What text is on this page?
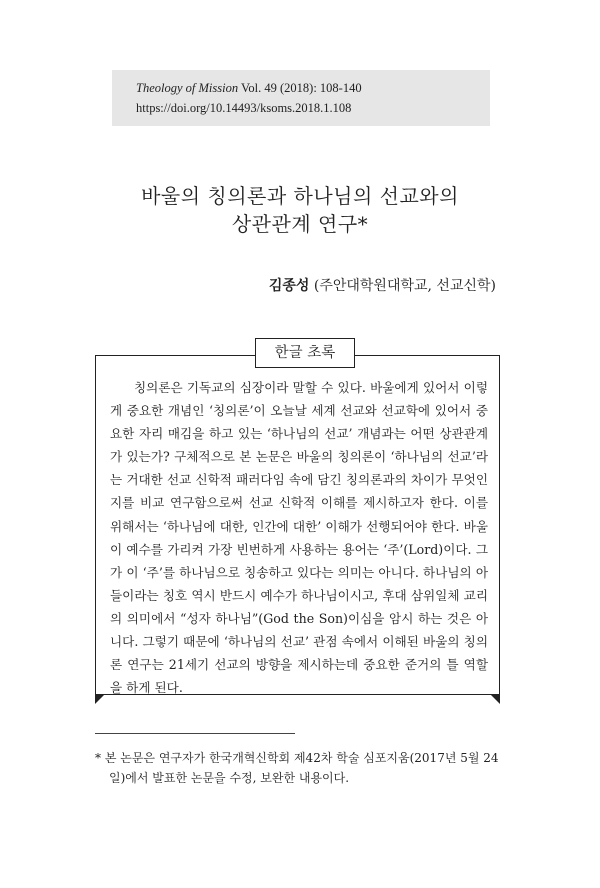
Theology of Mission Vol. 49 (2018): 108-140
https://doi.org/10.14493/ksoms.2018.1.108
바울의 칭의론과 하나님의 선교와의
상관관계 연구*
김종성 (주안대학원대학교, 선교신학)
한글 초록
칭의론은 기독교의 심장이라 말할 수 있다. 바울에게 있어서 이렇게 중요한 개념인 ‘칭의론’이 오늘날 세계 선교와 선교학에 있어서 중요한 자리 매김을 하고 있는 ‘하나님의 선교’ 개념과는 어떤 상관관계가 있는가? 구체적으로 본 논문은 바울의 칭의론이 ‘하나님의 선교’라는 거대한 선교 신학적 패러다임 속에 담긴 칭의론과의 차이가 무엇인지를 비교 연구함으로써 선교 신학적 이해를 제시하고자 한다. 이를 위해서는 ‘하나님에 대한, 인간에 대한’ 이해가 선행되어야 한다. 바울이 예수를 가리켜 가장 빈번하게 사용하는 용어는 ‘주’(Lord)이다. 그가 이 ‘주’를 하나님으로 칭송하고 있다는 의미는 아니다. 하나님의 아들이라는 칭호 역시 반드시 예수가 하나님이시고, 후대 삼위일체 교리의 의미에서 “성자 하나님”(God the Son)이심을 암시 하는 것은 아니다. 그렇기 때문에 ‘하나님의 선교’ 관점 속에서 이해된 바울의 칭의론 연구는 21세기 선교의 방향을 제시하는데 중요한 준거의 틀 역할을 하게 된다.
* 본 논문은 연구자가 한국개혁신학회 제42차 학술 심포지움(2017년 5월 24일)에서 발표한 논문을 수정, 보완한 내용이다.
